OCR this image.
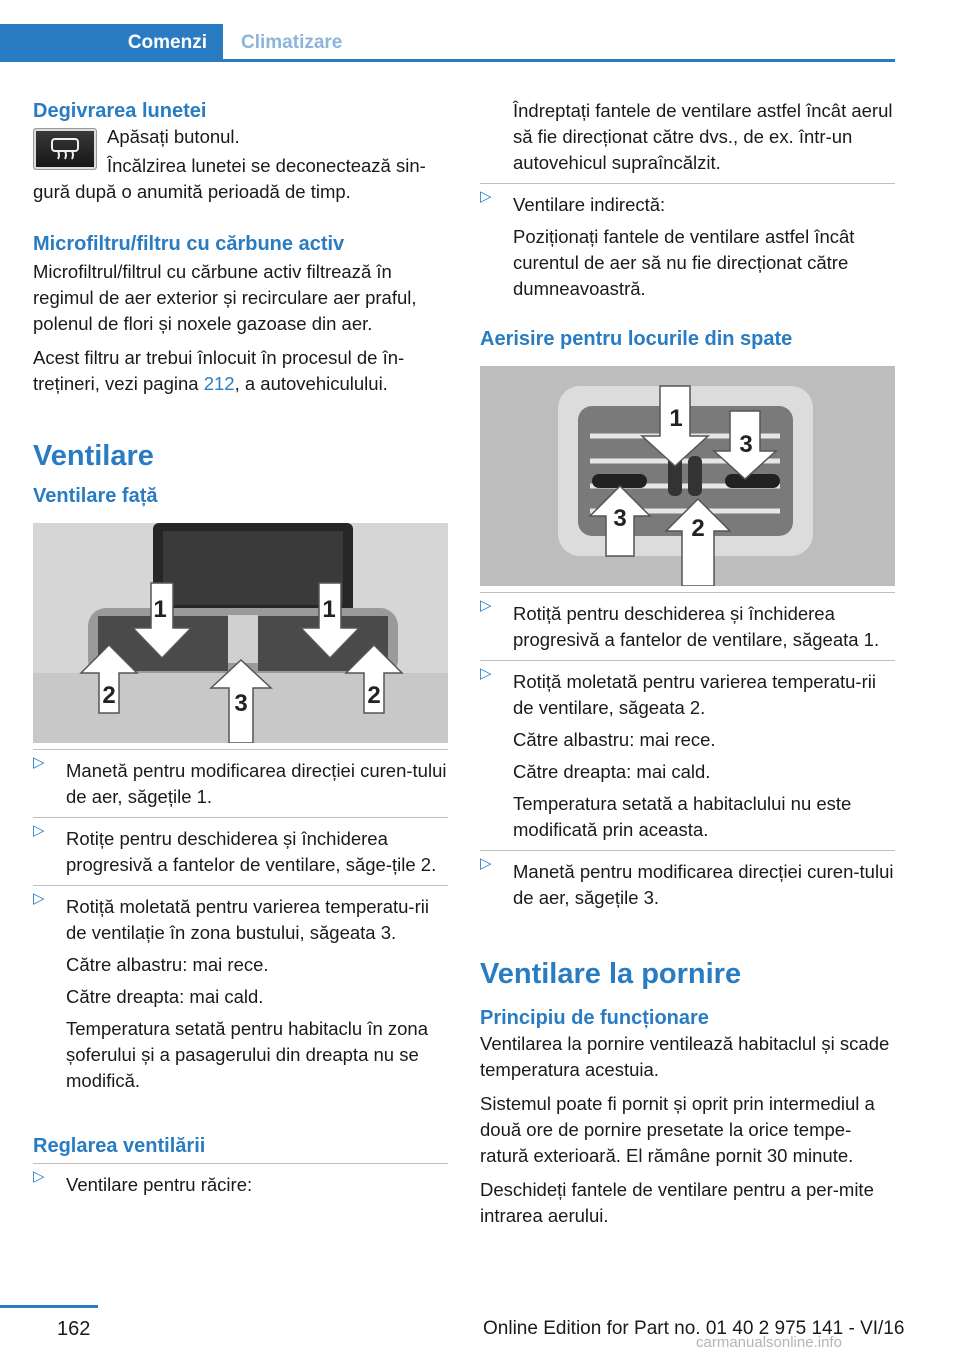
Comenzi	Climatizare
Degivrarea lunetei

Apăsați butonul.

Încălzirea lunetei se deconectează sin-gură după o anumită perioadă de timp.

Microfiltru/filtru cu cărbune activ

Microfiltrul/filtrul cu cărbune activ filtrează în regimul de aer exterior și recirculare aer praful, polenul de flori și noxele gazoase din aer.

Acest filtru ar trebui înlocuit în procesul de în-trețineri, vezi pagina 212, a autovehiculului.

Ventilare
Ventilare față
1	1
2	3	2
▷ Manetă pentru modificarea direcției curen-tului de aer, săgețile 1.
▷ Rotițe pentru deschiderea și închiderea progresivă a fantelor de ventilare, săge-țile 2.
▷ Rotiță moletată pentru varierea temperatu-rii de ventilație în zona bustului, săgeata 3.

Către albastru: mai rece.

Către dreapta: mai cald.

Temperatura setată pentru habitaclu în zona șoferului și a pasagerului din dreapta nu se modifică.

Reglarea ventilării
▷ Ventilare pentru răcire:

Îndreptați fantele de ventilare astfel încât aerul să fie direcționat către dvs., de ex. într-un autovehicul supraîncălzit.

▷ Ventilare indirectă:

Poziționați fantele de ventilare astfel încât curentul de aer să nu fie direcționat către dumneavoastră.

Aerisire pentru locurile din spate
1
3
3	2
▷ Rotiță pentru deschiderea și închiderea progresivă a fantelor de ventilare, săgeata 1.
▷ Rotiță moletată pentru varierea temperatu-rii de ventilare, săgeata 2.

Către albastru: mai rece.

Către dreapta: mai cald.

Temperatura setată a habitaclului nu este modificată prin aceasta.

▷ Manetă pentru modificarea direcției curen-tului de aer, săgețile 3.
Ventilare la pornire
Principiu de funcționare

Ventilarea la pornire ventilează habitaclul și scade temperatura acestuia.

Sistemul poate fi pornit și oprit prin intermediul a două ore de pornire presetate la orice tempe-ratură exterioară. El rămâne pornit 30 minute.

Deschideți fantele de ventilare pentru a per-mite intrarea aerului.

162	Online Edition for Part no. 01 40 2 975 141 - VI/16
carmanualsonline.info
